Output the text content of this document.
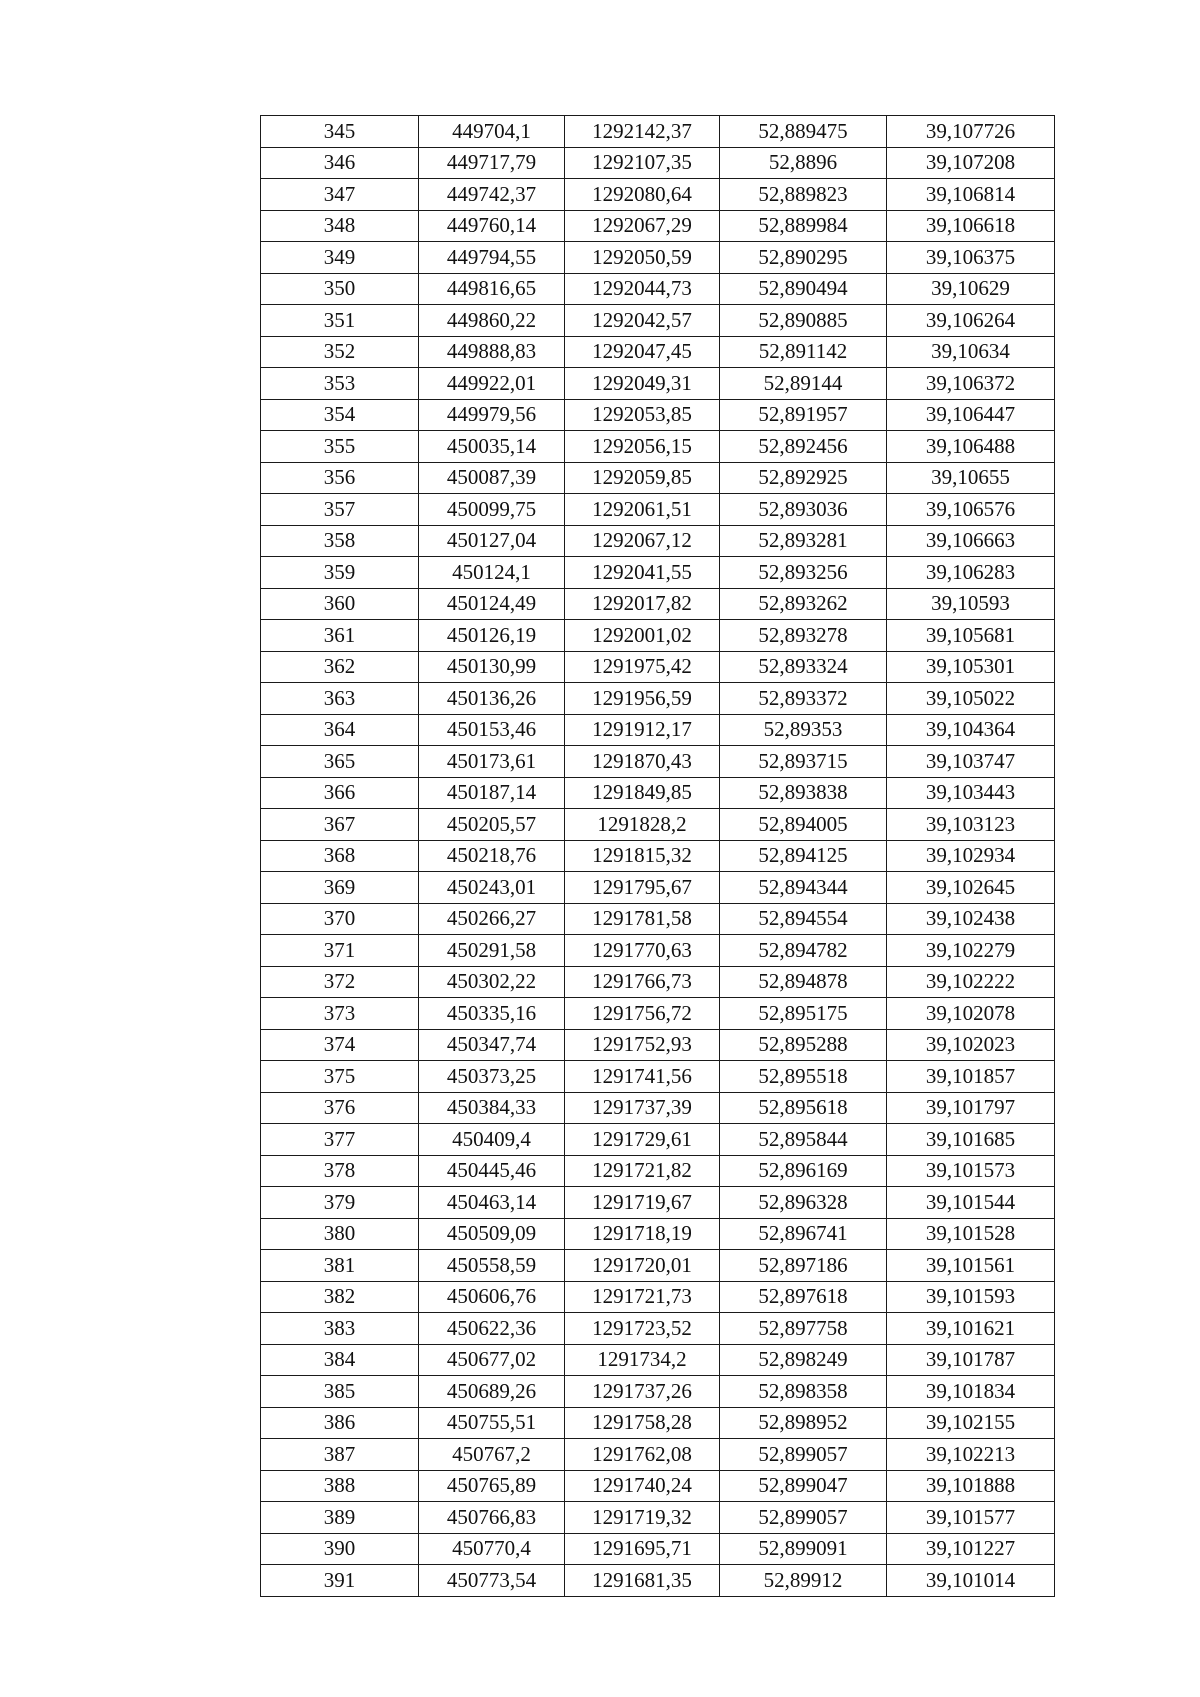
345	449704,1	1292142,37	52,889475	39,107726
346	449717,79	1292107,35	52,8896	39,107208
347	449742,37	1292080,64	52,889823	39,106814
348	449760,14	1292067,29	52,889984	39,106618
349	449794,55	1292050,59	52,890295	39,106375
350	449816,65	1292044,73	52,890494	39,10629
351	449860,22	1292042,57	52,890885	39,106264
352	449888,83	1292047,45	52,891142	39,10634
353	449922,01	1292049,31	52,89144	39,106372
354	449979,56	1292053,85	52,891957	39,106447
355	450035,14	1292056,15	52,892456	39,106488
356	450087,39	1292059,85	52,892925	39,10655
357	450099,75	1292061,51	52,893036	39,106576
358	450127,04	1292067,12	52,893281	39,106663
359	450124,1	1292041,55	52,893256	39,106283
360	450124,49	1292017,82	52,893262	39,10593
361	450126,19	1292001,02	52,893278	39,105681
362	450130,99	1291975,42	52,893324	39,105301
363	450136,26	1291956,59	52,893372	39,105022
364	450153,46	1291912,17	52,89353	39,104364
365	450173,61	1291870,43	52,893715	39,103747
366	450187,14	1291849,85	52,893838	39,103443
367	450205,57	1291828,2	52,894005	39,103123
368	450218,76	1291815,32	52,894125	39,102934
369	450243,01	1291795,67	52,894344	39,102645
370	450266,27	1291781,58	52,894554	39,102438
371	450291,58	1291770,63	52,894782	39,102279
372	450302,22	1291766,73	52,894878	39,102222
373	450335,16	1291756,72	52,895175	39,102078
374	450347,74	1291752,93	52,895288	39,102023
375	450373,25	1291741,56	52,895518	39,101857
376	450384,33	1291737,39	52,895618	39,101797
377	450409,4	1291729,61	52,895844	39,101685
378	450445,46	1291721,82	52,896169	39,101573
379	450463,14	1291719,67	52,896328	39,101544
380	450509,09	1291718,19	52,896741	39,101528
381	450558,59	1291720,01	52,897186	39,101561
382	450606,76	1291721,73	52,897618	39,101593
383	450622,36	1291723,52	52,897758	39,101621
384	450677,02	1291734,2	52,898249	39,101787
385	450689,26	1291737,26	52,898358	39,101834
386	450755,51	1291758,28	52,898952	39,102155
387	450767,2	1291762,08	52,899057	39,102213
388	450765,89	1291740,24	52,899047	39,101888
389	450766,83	1291719,32	52,899057	39,101577
390	450770,4	1291695,71	52,899091	39,101227
391	450773,54	1291681,35	52,89912	39,101014
